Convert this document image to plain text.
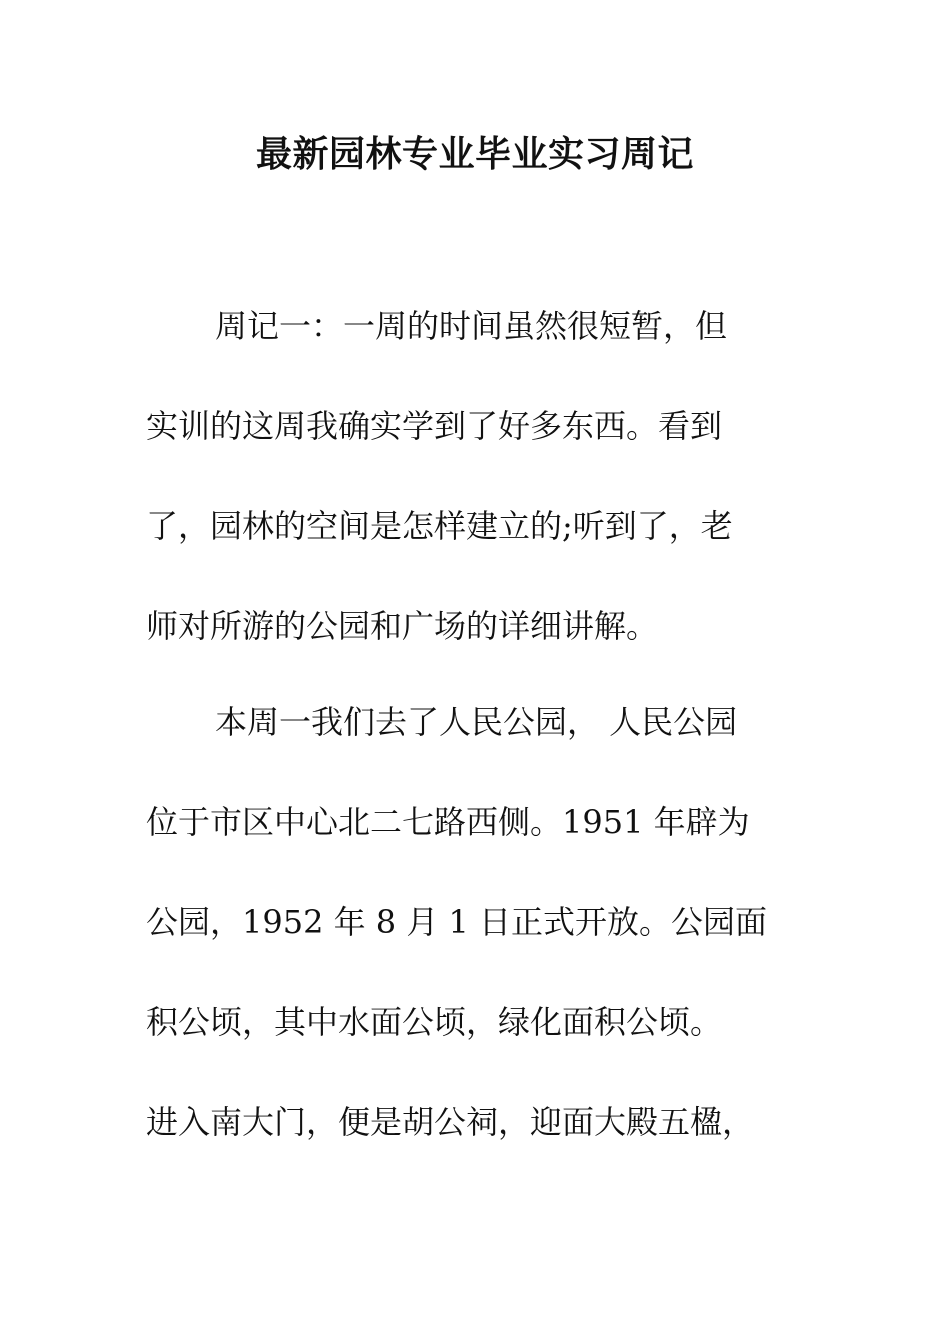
最新园林专业毕业实习周记
周记一：一周的时间虽然很短暂，但
实训的这周我确实学到了好多东西。看到
了，园林的空间是怎样建立的;听到了，老
师对所游的公园和广场的详细讲解。
本周一我们去了人民公园， 人民公园
位于市区中心北二七路西侧。1951 年辟为
公园，1952 年 8 月 1 日正式开放。公园面
积公顷，其中水面公顷，绿化面积公顷。
进入南大门，便是胡公祠，迎面大殿五楹，
